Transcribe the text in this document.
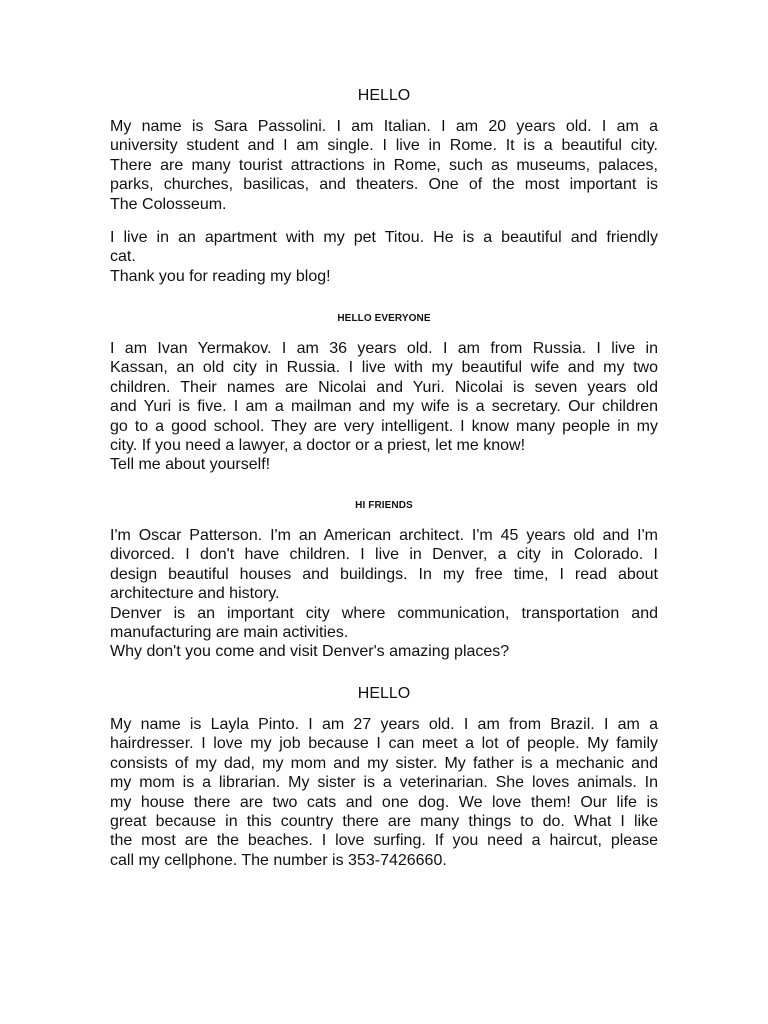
HELLO

My name is Sara Passolini. I am Italian. I am 20 years old. I am a
university student and I am single. I live in Rome. It is a beautiful city.
There are many tourist attractions in Rome, such as museums, palaces,
parks, churches, basilicas, and theaters. One of the most important is
The Colosseum.

I live in an apartment with my pet Titou. He is a beautiful and friendly
cat.
Thank you for reading my blog!

HELLO EVERYONE

I am Ivan Yermakov. I am 36 years old. I am from Russia. I live in
Kassan, an old city in Russia. I live with my beautiful wife and my two
children. Their names are Nicolai and Yuri. Nicolai is seven years old
and Yuri is five. I am a mailman and my wife is a secretary. Our children
go to a good school. They are very intelligent. I know many people in my
city. If you need a lawyer, a doctor or a priest, let me know!
Tell me about yourself!

HI FRIENDS

I'm Oscar Patterson. I'm an American architect. I'm 45 years old and I'm
divorced. I don't have children. I live in Denver, a city in Colorado. I
design beautiful houses and buildings. In my free time, I read about
architecture and history.
Denver is an important city where communication, transportation and
manufacturing are main activities.
Why don't you come and visit Denver's amazing places?

HELLO

My name is Layla Pinto. I am 27 years old. I am from Brazil. I am a
hairdresser. I love my job because I can meet a lot of people. My family
consists of my dad, my mom and my sister. My father is a mechanic and
my mom is a librarian. My sister is a veterinarian. She loves animals. In
my house there are two cats and one dog. We love them! Our life is
great because in this country there are many things to do. What I like
the most are the beaches. I love surfing. If you need a haircut, please
call my cellphone. The number is 353-7426660.
